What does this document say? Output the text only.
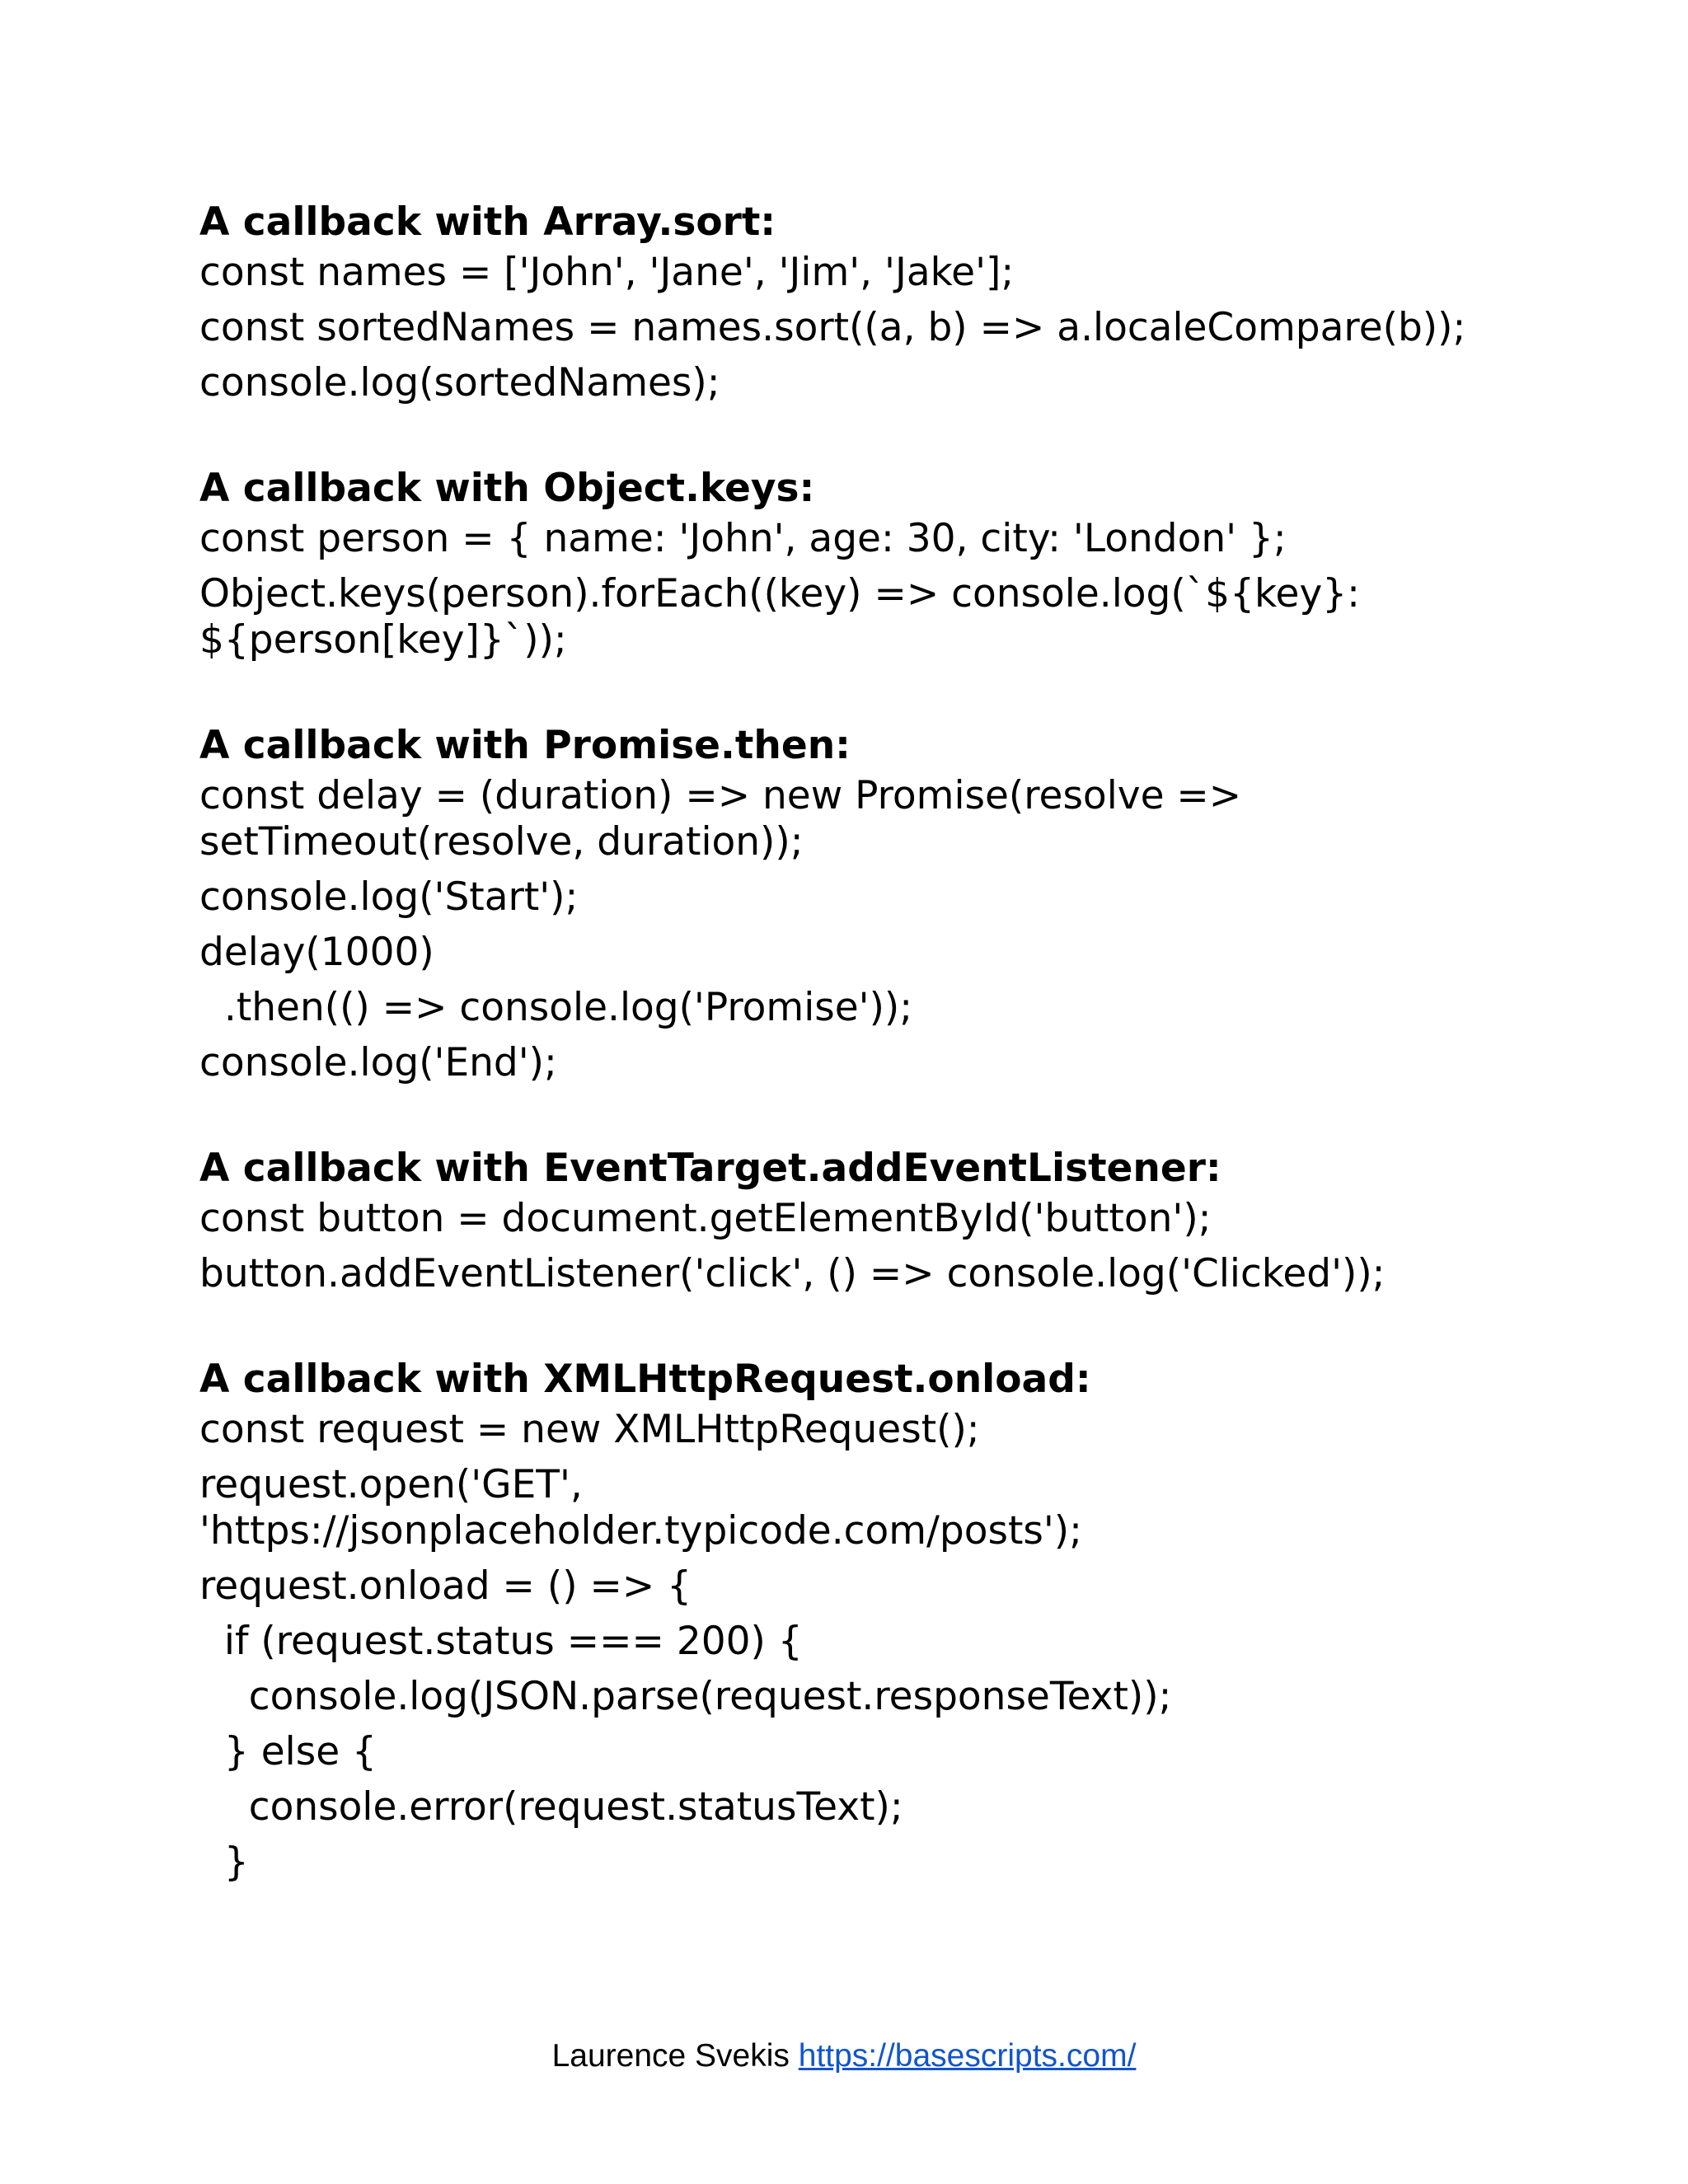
A callback with Array.sort:
const names = ['John', 'Jane', 'Jim', 'Jake'];
const sortedNames = names.sort((a, b) => a.localeCompare(b));
console.log(sortedNames);
A callback with Object.keys:
const person = { name: 'John', age: 30, city: 'London' };
Object.keys(person).forEach((key) => console.log(`${key}:
${person[key]}`));
A callback with Promise.then:
const delay = (duration) => new Promise(resolve =>
setTimeout(resolve, duration));
console.log('Start');
delay(1000)
.then(() => console.log('Promise'));
console.log('End');
A callback with EventTarget.addEventListener:
const button = document.getElementById('button');
button.addEventListener('click', () => console.log('Clicked'));
A callback with XMLHttpRequest.onload:
const request = new XMLHttpRequest();
request.open('GET',
'https://jsonplaceholder.typicode.com/posts');
request.onload = () => {
if (request.status === 200) {
console.log(JSON.parse(request.responseText));
} else {
console.error(request.statusText);
}
Laurence Svekis https://basescripts.com/
